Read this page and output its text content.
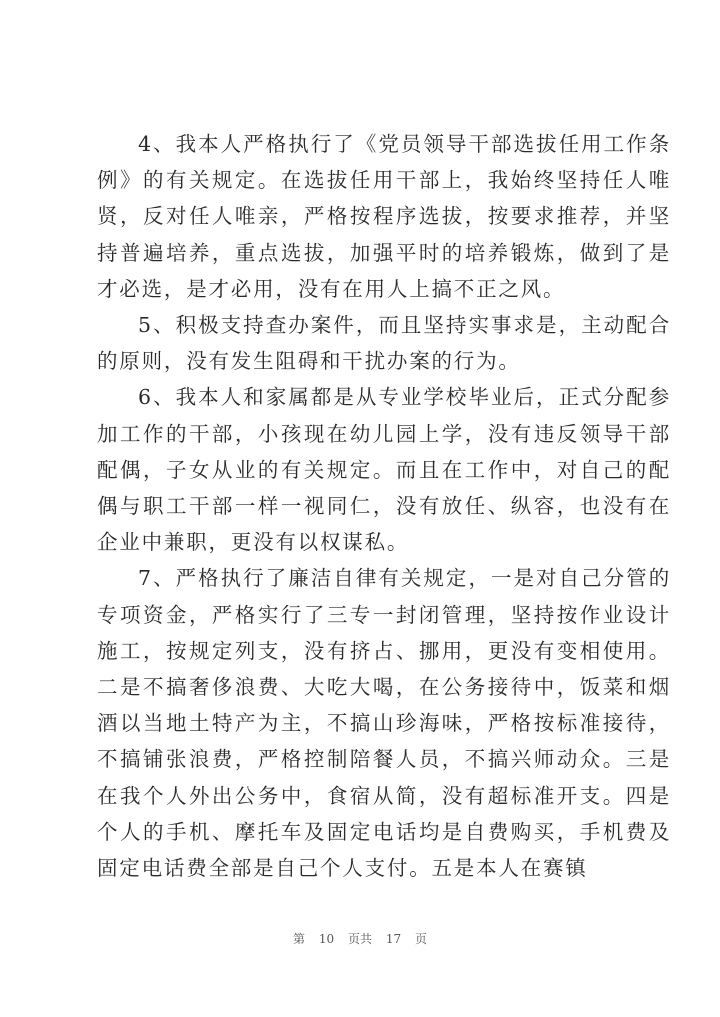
4、我本人严格执行了《党员领导干部选拔任用工作条例》的有关规定。在选拔任用干部上，我始终坚持任人唯贤，反对任人唯亲，严格按程序选拔，按要求推荐，并坚持普遍培养，重点选拔，加强平时的培养锻炼，做到了是才必选，是才必用，没有在用人上搞不正之风。

5、积极支持查办案件，而且坚持实事求是，主动配合的原则，没有发生阻碍和干扰办案的行为。

6、我本人和家属都是从专业学校毕业后，正式分配参加工作的干部，小孩现在幼儿园上学，没有违反领导干部配偶，子女从业的有关规定。而且在工作中，对自己的配偶与职工干部一样一视同仁，没有放任、纵容，也没有在企业中兼职，更没有以权谋私。

7、严格执行了廉洁自律有关规定，一是对自己分管的专项资金，严格实行了三专一封闭管理，坚持按作业设计施工，按规定列支，没有挤占、挪用，更没有变相使用。二是不搞奢侈浪费、大吃大喝，在公务接待中，饭菜和烟酒以当地土特产为主，不搞山珍海味，严格按标准接待，不搞铺张浪费，严格控制陪餐人员，不搞兴师动众。三是在我个人外出公务中，食宿从简，没有超标准开支。四是个人的手机、摩托车及固定电话均是自费购买，手机费及固定电话费全部是自己个人支付。五是本人在赛镇

第 10 页共 17 页
